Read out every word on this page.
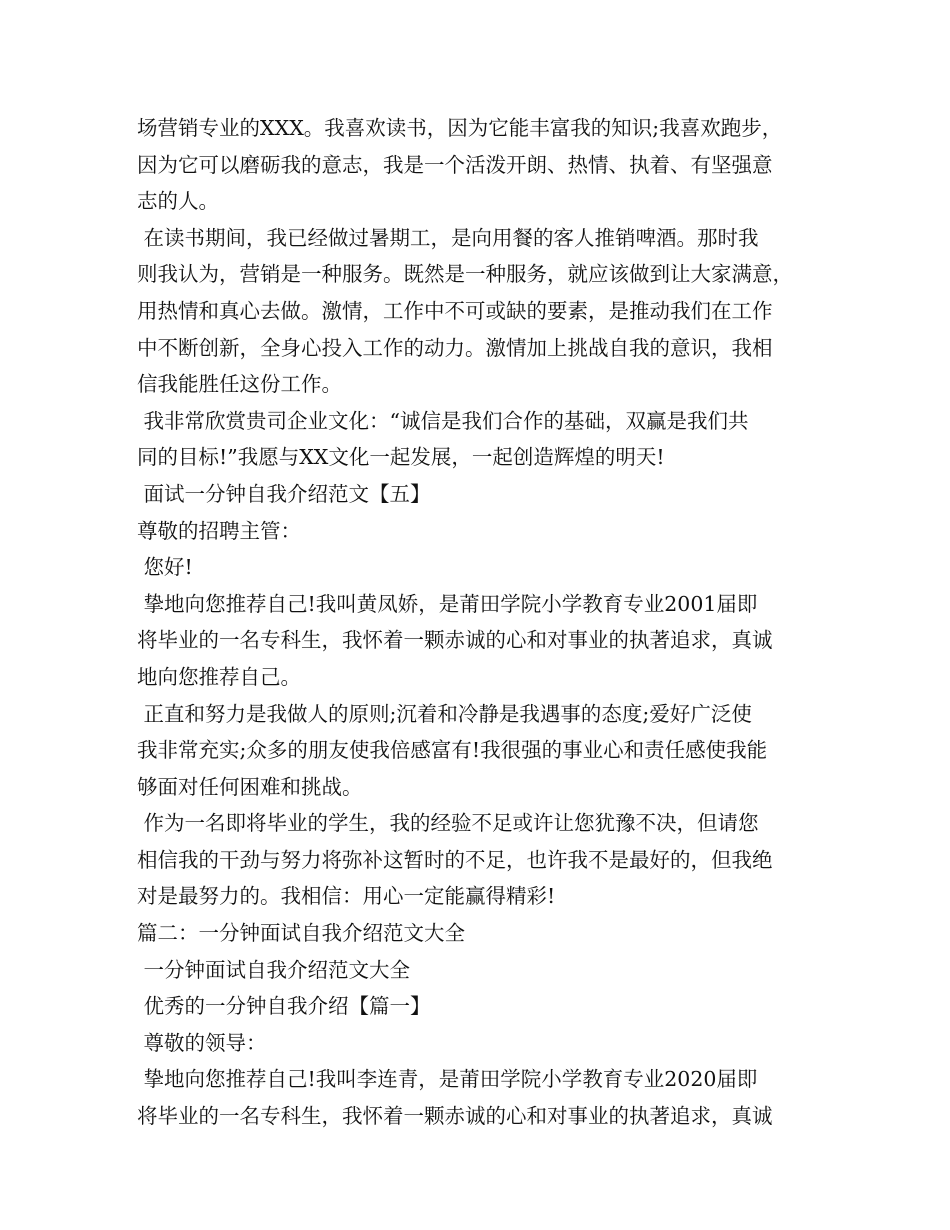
场营销专业的XXX。我喜欢读书，因为它能丰富我的知识;我喜欢跑步，
因为它可以磨砺我的意志，我是一个活泼开朗、热情、执着、有坚强意
志的人。
在读书期间，我已经做过暑期工，是向用餐的客人推销啤酒。那时我
则我认为，营销是一种服务。既然是一种服务，就应该做到让大家满意，
用热情和真心去做。激情，工作中不可或缺的要素，是推动我们在工作
中不断创新，全身心投入工作的动力。激情加上挑战自我的意识，我相
信我能胜任这份工作。
我非常欣赏贵司企业文化：“诚信是我们合作的基础，双赢是我们共
同的目标!”我愿与XX文化一起发展，一起创造辉煌的明天!
面试一分钟自我介绍范文【五】
尊敬的招聘主管：
您好!
挚地向您推荐自己!我叫黄凤娇，是莆田学院小学教育专业2001届即
将毕业的一名专科生，我怀着一颗赤诚的心和对事业的执著追求，真诚
地向您推荐自己。
正直和努力是我做人的原则;沉着和冷静是我遇事的态度;爱好广泛使
我非常充实;众多的朋友使我倍感富有!我很强的事业心和责任感使我能
够面对任何困难和挑战。
作为一名即将毕业的学生，我的经验不足或许让您犹豫不决，但请您
相信我的干劲与努力将弥补这暂时的不足，也许我不是最好的，但我绝
对是最努力的。我相信：用心一定能赢得精彩!
篇二：一分钟面试自我介绍范文大全
一分钟面试自我介绍范文大全
优秀的一分钟自我介绍【篇一】
尊敬的领导：
挚地向您推荐自己!我叫李连青，是莆田学院小学教育专业2020届即
将毕业的一名专科生，我怀着一颗赤诚的心和对事业的执著追求，真诚
